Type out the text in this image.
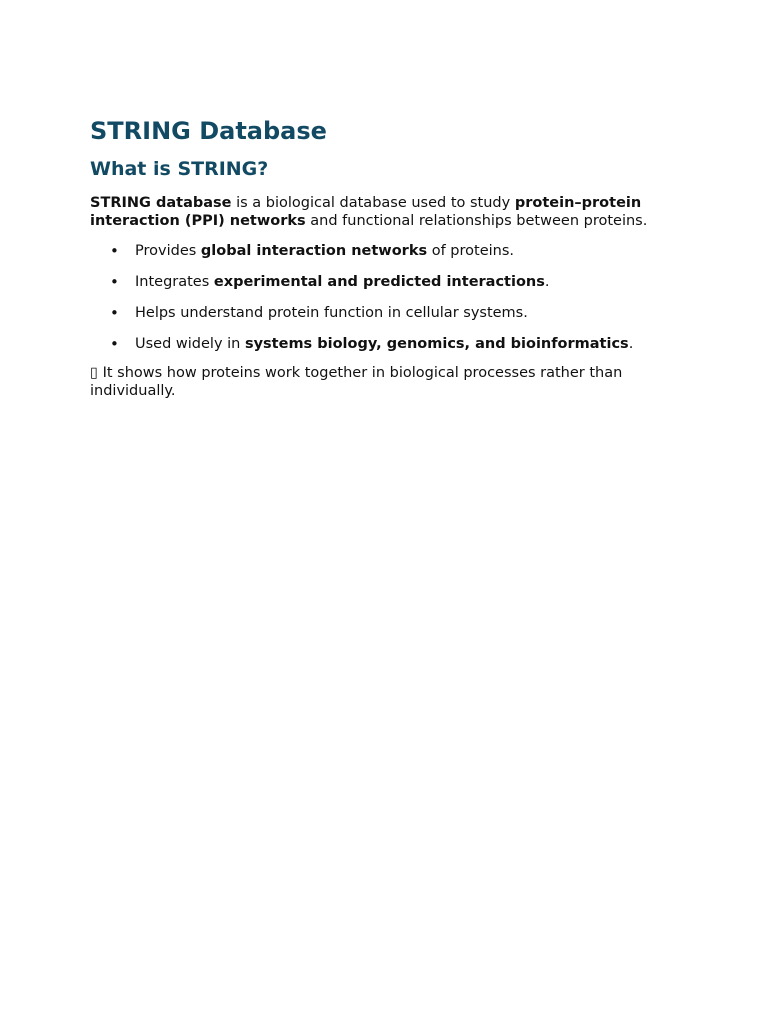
STRING Database
What is STRING?

STRING database is a biological database used to study protein–protein interaction (PPI) networks and functional relationships between proteins.

• Provides global interaction networks of proteins.
• Integrates experimental and predicted interactions.
• Helps understand protein function in cellular systems.
• Used widely in systems biology, genomics, and bioinformatics.

▯ It shows how proteins work together in biological processes rather than individually.
